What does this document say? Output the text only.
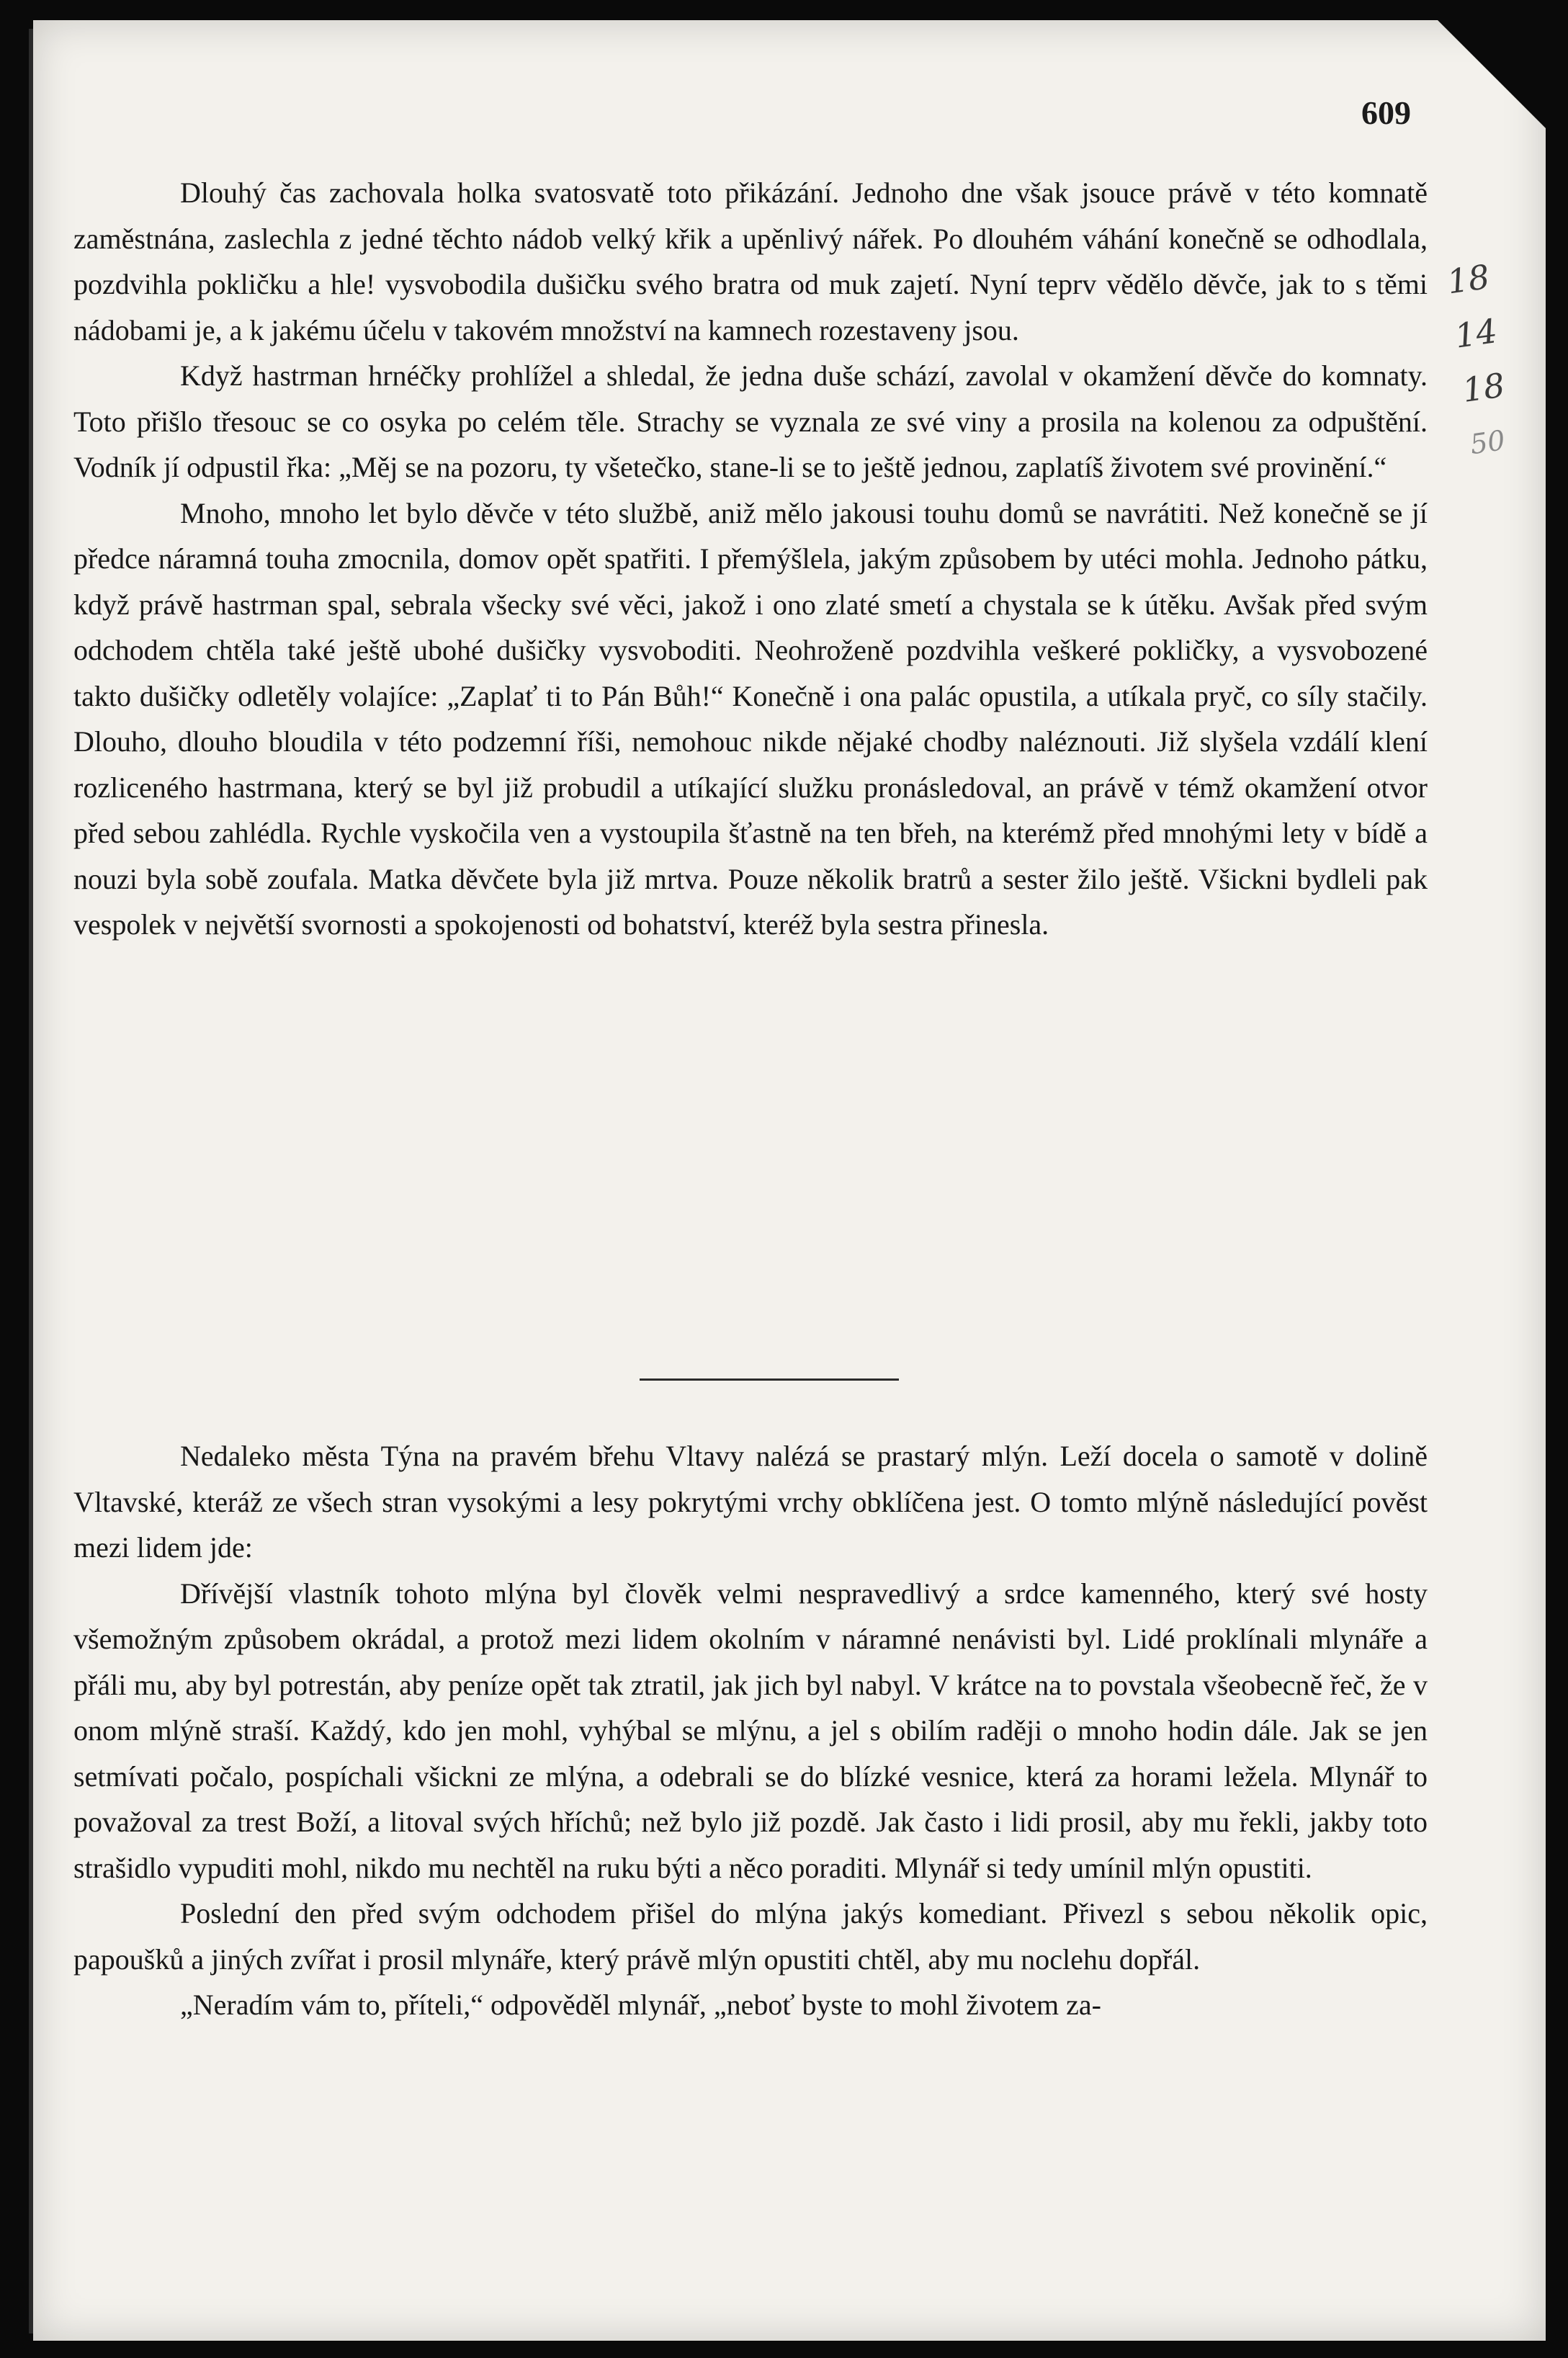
609
18
14
18
50

Dlouhý čas zachovala holka svatosvatě toto přikázání. Jednoho dne však jsouce právě v této komnatě zaměstnána, zaslechla z jedné těchto nádob velký křik a upěnlivý nářek. Po dlouhém váhání konečně se odhodlala, pozdvihla pokličku a hle! vysvobodila dušičku svého bratra od muk zajetí. Nyní teprv vědělo děvče, jak to s těmi nádobami je, a k jakému účelu v takovém množství na kamnech rozestaveny jsou.

Když hastrman hrnéčky prohlížel a shledal, že jedna duše schází, zavolal v okamžení děvče do komnaty. Toto přišlo třesouc se co osyka po celém těle. Strachy se vyznala ze své viny a prosila na kolenou za odpuštění. Vodník jí odpustil řka: „Měj se na pozoru, ty všetečko, stane-li se to ještě jednou, zaplatíš životem své provinění.“

Mnoho, mnoho let bylo děvče v této službě, aniž mělo jakousi touhu domů se navrátiti. Než konečně se jí předce náramná touha zmocnila, domov opět spatřiti. I přemýšlela, jakým způsobem by utéci mohla. Jednoho pátku, když právě hastrman spal, sebrala všecky své věci, jakož i ono zlaté smetí a chystala se k útěku. Avšak před svým odchodem chtěla také ještě ubohé dušičky vysvoboditi. Neohroženě pozdvihla veškeré pokličky, a vysvobozené takto dušičky odletěly volajíce: „Zaplať ti to Pán Bůh!“ Konečně i ona palác opustila, a utíkala pryč, co síly stačily. Dlouho, dlouho bloudila v této podzemní říši, nemohouc nikde nějaké chodby naléznouti. Již slyšela vzdálí klení rozliceného hastrmana, který se byl již probudil a utíkající služku pronásledoval, an právě v témž okamžení otvor před sebou zahlédla. Rychle vyskočila ven a vystoupila šťastně na ten břeh, na kterémž před mnohými lety v bídě a nouzi byla sobě zoufala. Matka děvčete byla již mrtva. Pouze několik bratrů a sester žilo ještě. Všickni bydleli pak vespolek v největší svornosti a spokojenosti od bohatství, kteréž byla sestra přinesla.

Nedaleko města Týna na pravém břehu Vltavy nalézá se prastarý mlýn. Leží docela o samotě v dolině Vltavské, kteráž ze všech stran vysokými a lesy pokrytými vrchy obklíčena jest. O tomto mlýně následující pověst mezi lidem jde:

Dřívější vlastník tohoto mlýna byl člověk velmi nespravedlivý a srdce kamenného, který své hosty všemožným způsobem okrádal, a protož mezi lidem okolním v náramné nenávisti byl. Lidé proklínali mlynáře a přáli mu, aby byl potrestán, aby peníze opět tak ztratil, jak jich byl nabyl. V krátce na to povstala všeobecně řeč, že v onom mlýně straší. Každý, kdo jen mohl, vyhýbal se mlýnu, a jel s obilím raději o mnoho hodin dále. Jak se jen setmívati počalo, pospíchali všickni ze mlýna, a odebrali se do blízké vesnice, která za horami ležela. Mlynář to považoval za trest Boží, a litoval svých hříchů; než bylo již pozdě. Jak často i lidi prosil, aby mu řekli, jakby toto strašidlo vypuditi mohl, nikdo mu nechtěl na ruku býti a něco poraditi. Mlynář si tedy umínil mlýn opustiti.

Poslední den před svým odchodem přišel do mlýna jakýs komediant. Přivezl s sebou několik opic, papoušků a jiných zvířat i prosil mlynáře, který právě mlýn opustiti chtěl, aby mu noclehu dopřál.

„Neradím vám to, příteli,“ odpověděl mlynář, „neboť byste to mohl životem za-
